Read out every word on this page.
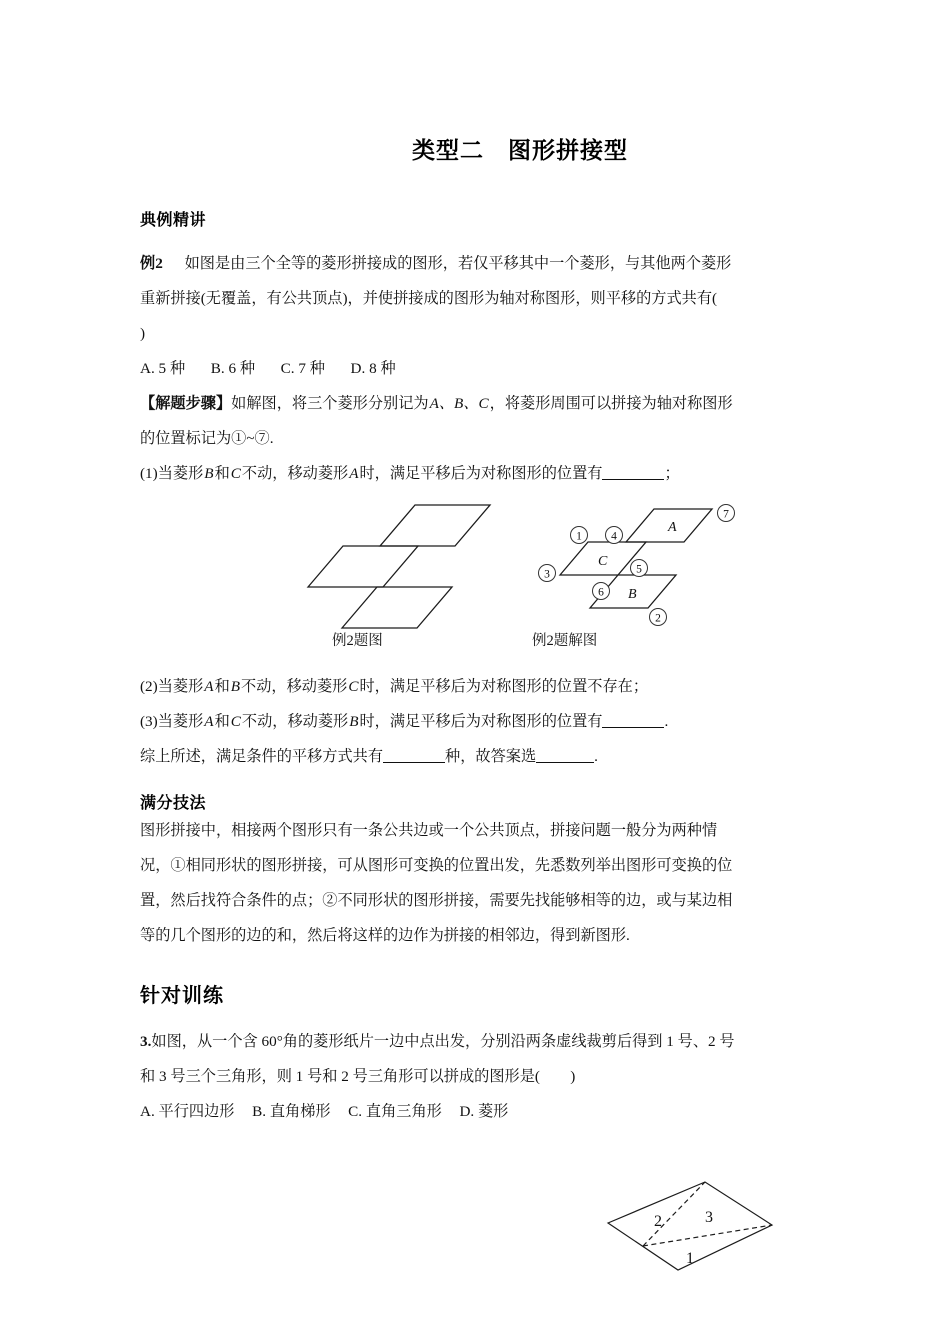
类型二　图形拼接型
典例精讲

例2 如图是由三个全等的菱形拼接成的图形，若仅平移其中一个菱形，与其他两个菱形

重新拼接(无覆盖，有公共顶点)，并使拼接成的图形为轴对称图形，则平移的方式共有(

)

A. 5 种 B. 6 种 C. 7 种 D. 8 种

【解题步骤】如解图，将三个菱形分别记为A、B、C，将菱形周围可以拼接为轴对称图形

的位置标记为①~⑦.

(1)当菱形B和C不动，移动菱形A时，满足平移后为对称图形的位置有	；

C
A
B
1	4
7
3	5
6
2
例2题图	例2题解图

(2)当菱形A和B不动，移动菱形C时，满足平移后为对称图形的位置不存在；

(3)当菱形A和C不动，移动菱形B时，满足平移后为对称图形的位置有	.

综上所述，满足条件的平移方式共有	种，故答案选	.

满分技法

图形拼接中，相接两个图形只有一条公共边或一个公共顶点，拼接问题一般分为两种情

况，①相同形状的图形拼接，可从图形可变换的位置出发，先悉数列举出图形可变换的位

置，然后找符合条件的点；②不同形状的图形拼接，需要先找能够相等的边，或与某边相

等的几个图形的边的和，然后将这样的边作为拼接的相邻边，得到新图形.

针对训练

3.如图，从一个含 60°角的菱形纸片一边中点出发，分别沿两条虚线裁剪后得到 1 号、2 号

和 3 号三个三角形，则 1 号和 2 号三角形可以拼成的图形是(　　)

A. 平行四边形 B. 直角梯形 C. 直角三角形 D. 菱形

2	3
1
